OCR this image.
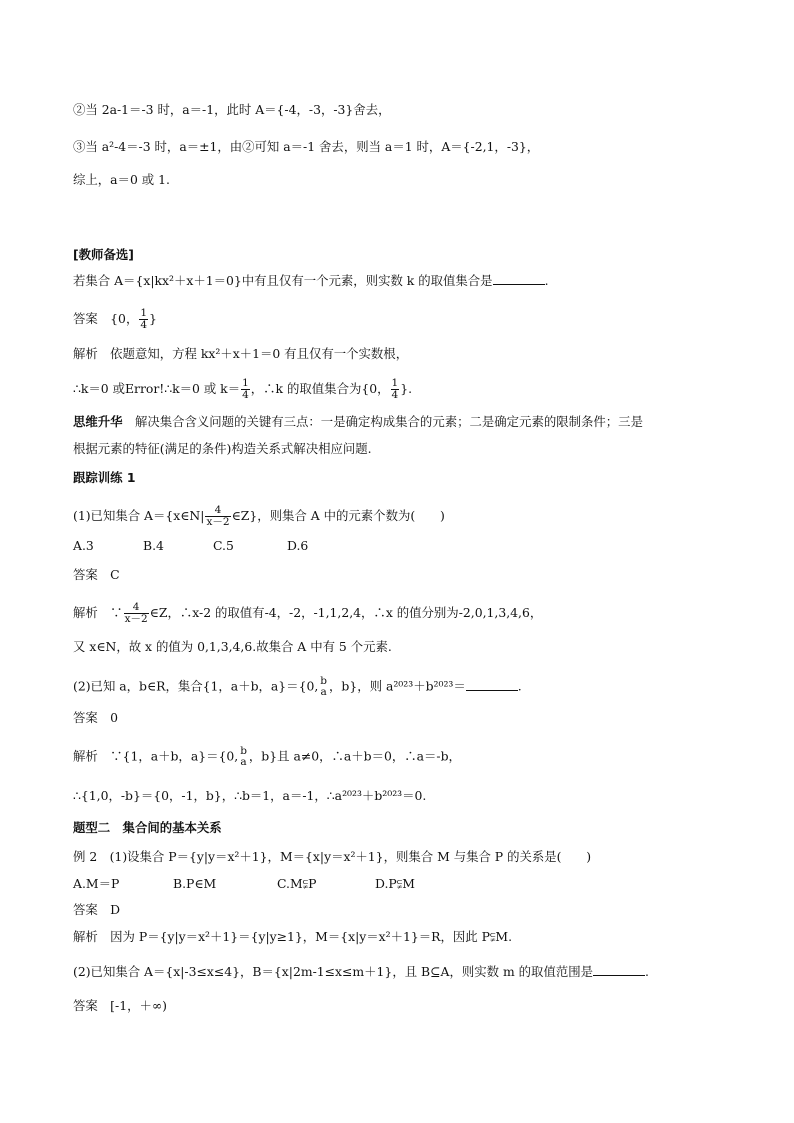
②当 2a-1＝-3 时，a＝-1，此时 A＝{-4，-3，-3}舍去，
③当 a²-4＝-3 时，a＝±1，由②可知 a＝-1 舍去，则当 a＝1 时，A＝{-2,1，-3}，
综上，a＝0 或 1.
[教师备选]
若集合 A＝{x|kx²＋x＋1＝0}中有且仅有一个元素，则实数 k 的取值集合是	.
答案　 {0， $\frac{1}{4}$ }
解析　 依题意知，方程 kx²＋x＋1＝0 有且仅有一个实数根，
∴k＝0 或Error!∴k＝0 或 $k= \frac{1}{4}$ ，∴k 的取值集合为{0， $\frac{1}{4}$ }.
思维升华　 解决集合含义问题的关键有三点：一是确定构成集合的元素；二是确定元素的限制条件；三是
根据元素的特征(满足的条件)构造关系式解决相应问题.
跟踪训练 1
(1)已知集合 A＝{x∈N| $\frac{4}{x-2}$ ∈Z}，则集合 A 中的元素个数为(　　)
A.3	B.4	C.5	D.6
答案　 C
解析　 ∵ $\frac{4}{x-2}$ ∈Z，∴x-2 的取值有-4，-2，-1,1,2,4，∴x 的值分别为-2,0,1,3,4,6，
又 x∈N，故 x 的值为 0,1,3,4,6.故集合 A 中有 5 个元素.
(2)已知 a，b∈R，集合{1，a＋b，a}＝{0, b
a ，b}，则 a²⁰²³＋b²⁰²³＝	.
答案　 0
解析　 ∵{1，a＋b，a}＝{0, b
a ，b}且 a≠0，∴a＋b＝0，∴a＝-b，
∴{1,0，-b}＝{0，-1，b}，∴b＝1，a＝-1，∴a²⁰²³＋b²⁰²³＝0.
题型二　集合间的基本关系
例 2　(1)设集合 P＝{y|y＝x²＋1}，M＝{x|y＝x²＋1}，则集合 M 与集合 P 的关系是(　　)
A.M＝P	B.P∈M	C.M⫋P	D.P⫋M
答案　 D
解析　 因为 P＝{y|y＝x²＋1}＝{y|y≥1}，M＝{x|y＝x²＋1}＝R，因此 P⫋M.
(2)已知集合 A＝{x|-3≤x≤4}，B＝{x|2m-1≤x≤m＋1}，且 B⊆A，则实数 m 的取值范围是	.
答案　 [-1，＋∞)
